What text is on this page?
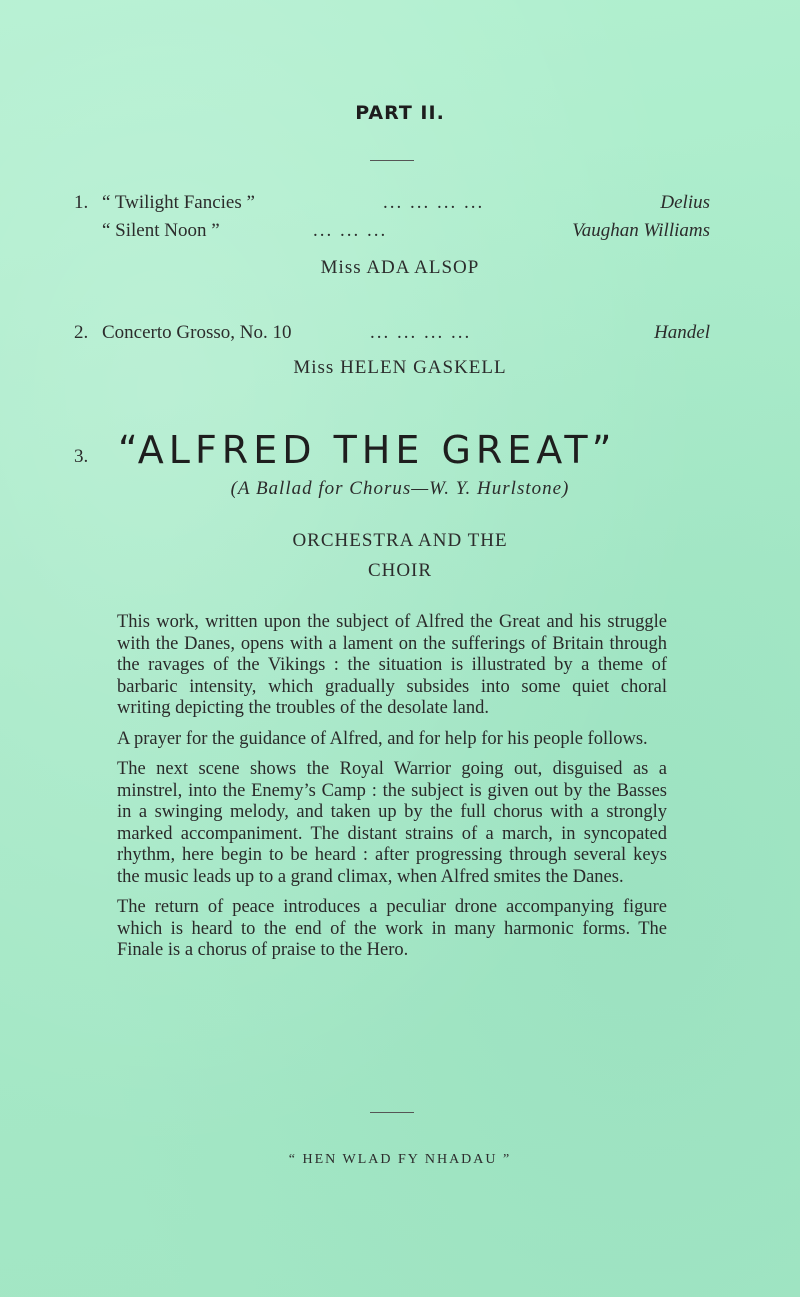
PART II.
1. “ Twilight Fancies ”	... ... ... ...	Delius
“ Silent Noon ”	... ... ...	Vaughan Williams
Miss ADA ALSOP
2. Concerto Grosso, No. 10	... ... ... ...	Handel
Miss HELEN GASKELL
3. “ALFRED THE GREAT”
(A Ballad for Chorus—W. Y. Hurlstone)
ORCHESTRA AND THE
CHOIR

This work, written upon the subject of Alfred the Great and his struggle with the Danes, opens with a lament on the sufferings of Britain through the ravages of the Vikings : the situation is illustrated by a theme of barbaric intensity, which gradually subsides into some quiet choral writing depicting the troubles of the desolate land.

A prayer for the guidance of Alfred, and for help for his people follows.

The next scene shows the Royal Warrior going out, disguised as a minstrel, into the Enemy’s Camp : the subject is given out by the Basses in a swinging melody, and taken up by the full chorus with a strongly marked accompaniment. The distant strains of a march, in syncopated rhythm, here begin to be heard : after progressing through several keys the music leads up to a grand climax, when Alfred smites the Danes.

The return of peace introduces a peculiar drone accompanying figure which is heard to the end of the work in many harmonic forms. The Finale is a chorus of praise to the Hero.

“ HEN WLAD FY NHADAU ”
